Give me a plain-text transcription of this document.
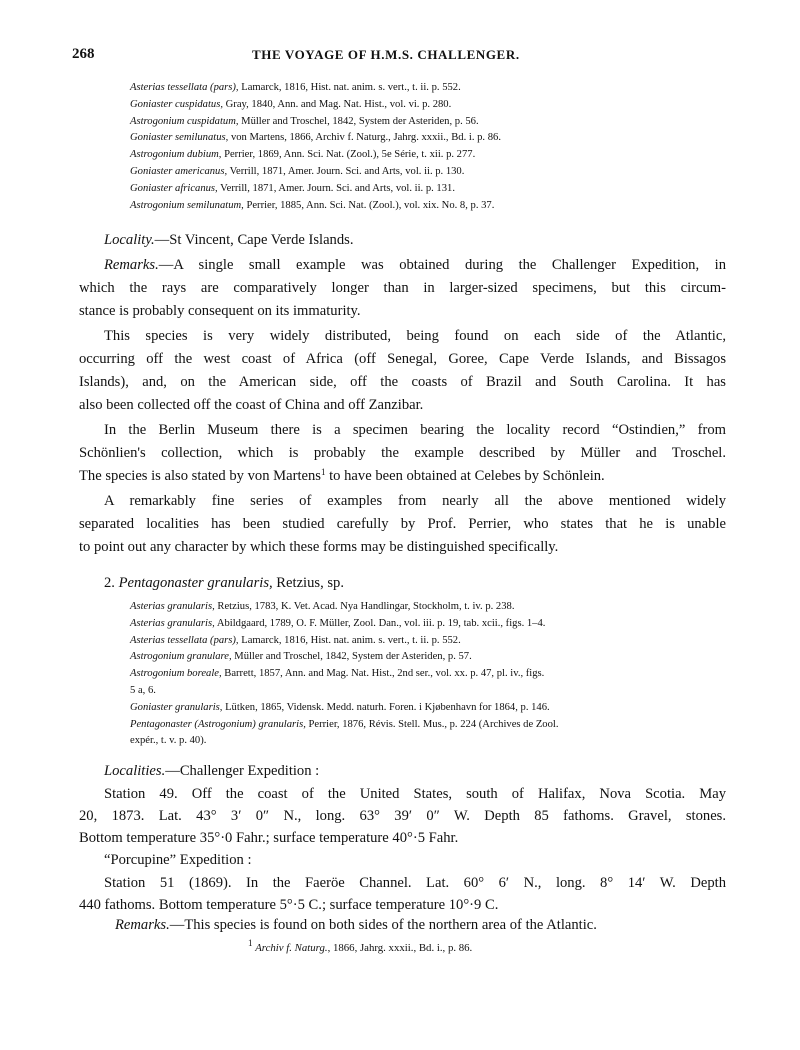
268	THE VOYAGE OF H.M.S. CHALLENGER.
Asterias tessellata (pars), Lamarck, 1816, Hist. nat. anim. s. vert., t. ii. p. 552.
Goniaster cuspidatus, Gray, 1840, Ann. and Mag. Nat. Hist., vol. vi. p. 280.
Astrogonium cuspidatum, Müller and Troschel, 1842, System der Asteriden, p. 56.
Goniaster semilunatus, von Martens, 1866, Archiv f. Naturg., Jahrg. xxxii., Bd. i. p. 86.
Astrogonium dubium, Perrier, 1869, Ann. Sci. Nat. (Zool.), 5e Série, t. xii. p. 277.
Goniaster americanus, Verrill, 1871, Amer. Journ. Sci. and Arts, vol. ii. p. 130.
Goniaster africanus, Verrill, 1871, Amer. Journ. Sci. and Arts, vol. ii. p. 131.
Astrogonium semilunatum, Perrier, 1885, Ann. Sci. Nat. (Zool.), vol. xix. No. 8, p. 37.
Locality.—St Vincent, Cape Verde Islands.
Remarks.—A single small example was obtained during the Challenger Expedition, in
which the rays are comparatively longer than in larger-sized specimens, but this circum-
stance is probably consequent on its immaturity.
This species is very widely distributed, being found on each side of the Atlantic,
occurring off the west coast of Africa (off Senegal, Goree, Cape Verde Islands, and Bissagos
Islands), and, on the American side, off the coasts of Brazil and South Carolina. It has
also been collected off the coast of China and off Zanzibar.
In the Berlin Museum there is a specimen bearing the locality record “Ostindien,” from
Schönlien's collection, which is probably the example described by Müller and Troschel.
The species is also stated by von Martens$^1$ to have been obtained at Celebes by Schönlein.
A remarkably fine series of examples from nearly all the above mentioned widely
separated localities has been studied carefully by Prof. Perrier, who states that he is unable
to point out any character by which these forms may be distinguished specifically.
2. Pentagonaster granularis, Retzius, sp.
Asterias granularis, Retzius, 1783, K. Vet. Acad. Nya Handlingar, Stockholm, t. iv. p. 238.
Asterias granularis, Abildgaard, 1789, O. F. Müller, Zool. Dan., vol. iii. p. 19, tab. xcii., figs. 1–4.
Asterias tessellata (pars), Lamarck, 1816, Hist. nat. anim. s. vert., t. ii. p. 552.
Astrogonium granulare, Müller and Troschel, 1842, System der Asteriden, p. 57.
Astrogonium boreale, Barrett, 1857, Ann. and Mag. Nat. Hist., 2nd ser., vol. xx. p. 47, pl. iv., figs.
5 a, 6.
Goniaster granularis, Lütken, 1865, Vidensk. Medd. naturh. Foren. i Kjøbenhavn for 1864, p. 146.
Pentagonaster (Astrogonium) granularis, Perrier, 1876, Révis. Stell. Mus., p. 224 (Archives de Zool.
expér., t. v. p. 40).
Localities.—Challenger Expedition :
Station 49. Off the coast of the United States, south of Halifax, Nova Scotia. May
20, 1873. Lat. 43° 3′ 0″ N., long. 63° 39′ 0″ W. Depth 85 fathoms. Gravel, stones.
Bottom temperature 35°·0 Fahr.; surface temperature 40°·5 Fahr.
“Porcupine” Expedition :
Station 51 (1869). In the Faeröe Channel. Lat. 60° 6′ N., long. 8° 14′ W. Depth
440 fathoms. Bottom temperature 5°·5 C.; surface temperature 10°·9 C.
Remarks.—This species is found on both sides of the northern area of the Atlantic.
$^1$ Archiv f. Naturg., 1866, Jahrg. xxxii., Bd. i., p. 86.
